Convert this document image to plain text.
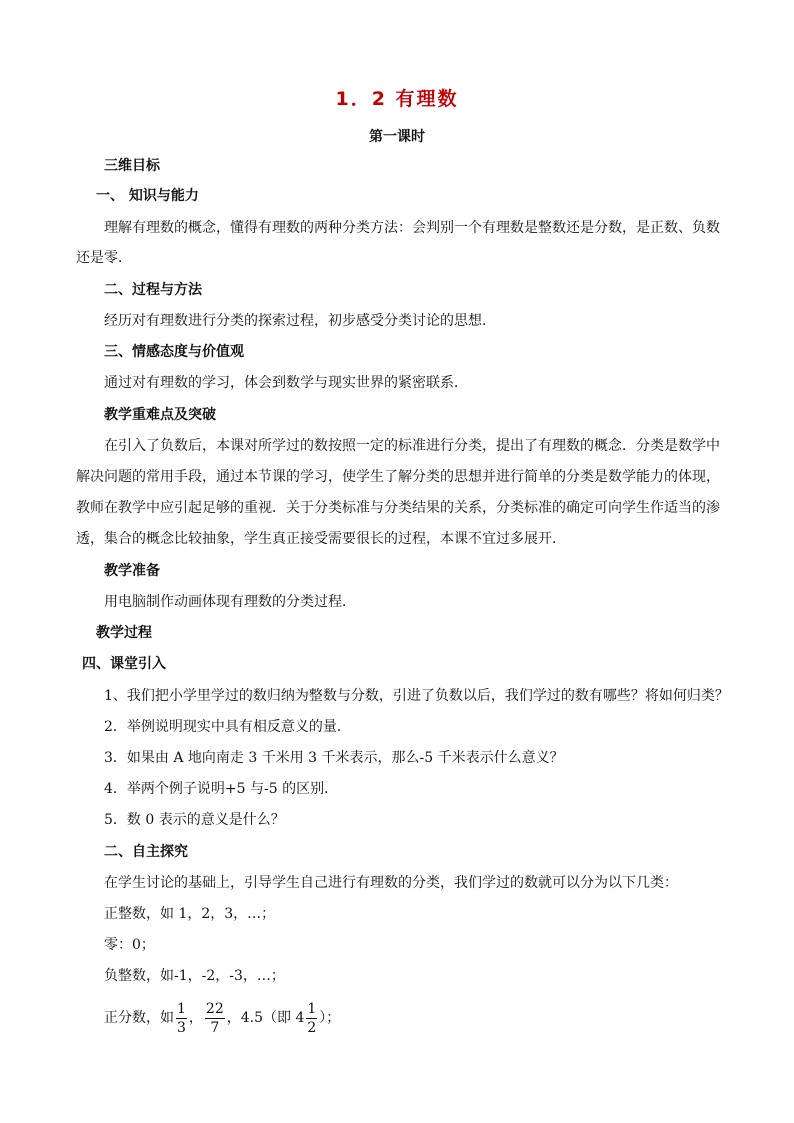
1．2 有理数
第一课时
三维目标
一、 知识与能力
理解有理数的概念，懂得有理数的两种分类方法：会判别一个有理数是整数还是分数，是正数、负数
还是零．
二、过程与方法
经历对有理数进行分类的探索过程，初步感受分类讨论的思想．
三、情感态度与价值观
通过对有理数的学习，体会到数学与现实世界的紧密联系．
教学重难点及突破
在引入了负数后，本课对所学过的数按照一定的标准进行分类，提出了有理数的概念．分类是数学中
解决问题的常用手段，通过本节课的学习，使学生了解分类的思想并进行简单的分类是数学能力的体现，
教师在教学中应引起足够的重视．关于分类标准与分类结果的关系，分类标准的确定可向学生作适当的渗
透，集合的概念比较抽象，学生真正接受需要很长的过程，本课不宜过多展开．
教学准备
用电脑制作动画体现有理数的分类过程．
教学过程
四、课堂引入
1、我们把小学里学过的数归纳为整数与分数，引进了负数以后，我们学过的数有哪些？将如何归类？
2．举例说明现实中具有相反意义的量．
3．如果由 A 地向南走 3 千米用 3 千米表示，那么-5 千米表示什么意义？
4．举两个例子说明+5 与-5 的区别．
5．数 0 表示的意义是什么？
二、自主探究
在学生讨论的基础上，引导学生自己进行有理数的分类，我们学过的数就可以分为以下几类：
正整数，如 1，2，3，…；
零：0；
负整数，如-1，-2，-3，…；
正分数，如 $\frac{1}{3}$ ， $\frac{22}{7}$ ，4.5（即 $4 \frac{1}{2}$ ）；
